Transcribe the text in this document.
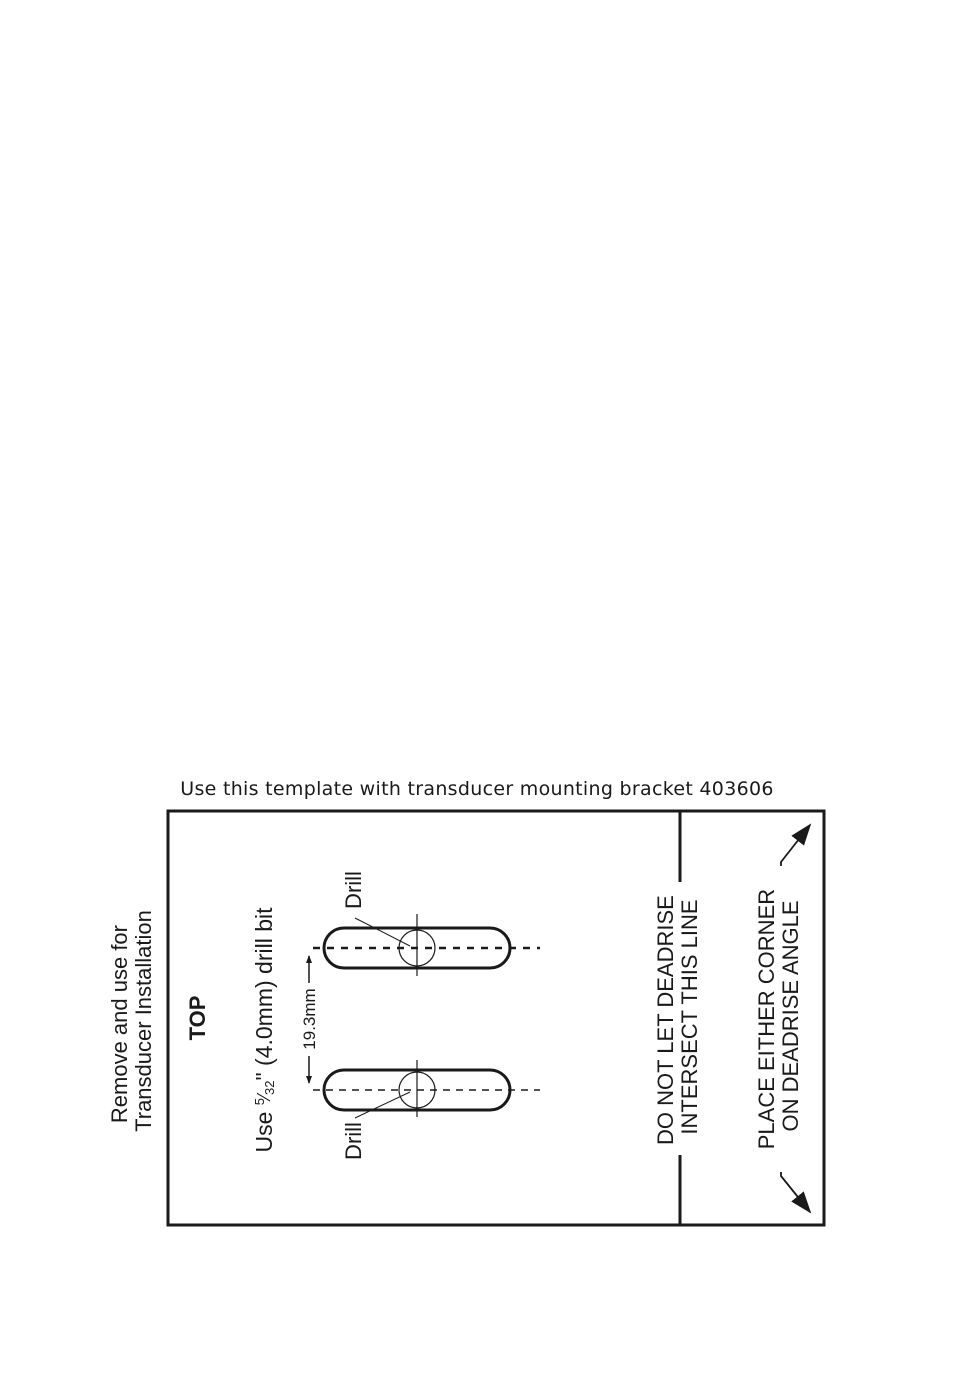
Use this template with transducer mounting bracket 403606
Remove and use for Transducer Installation TOP
Use $^5_⁄$32" (4.0mm) drill bit 19.3mm
Drill
Drill	DO NOT LET DEADRISE INTERSECT THIS LINE PLACE EITHER CORNER ON DEADRISE ANGLE
